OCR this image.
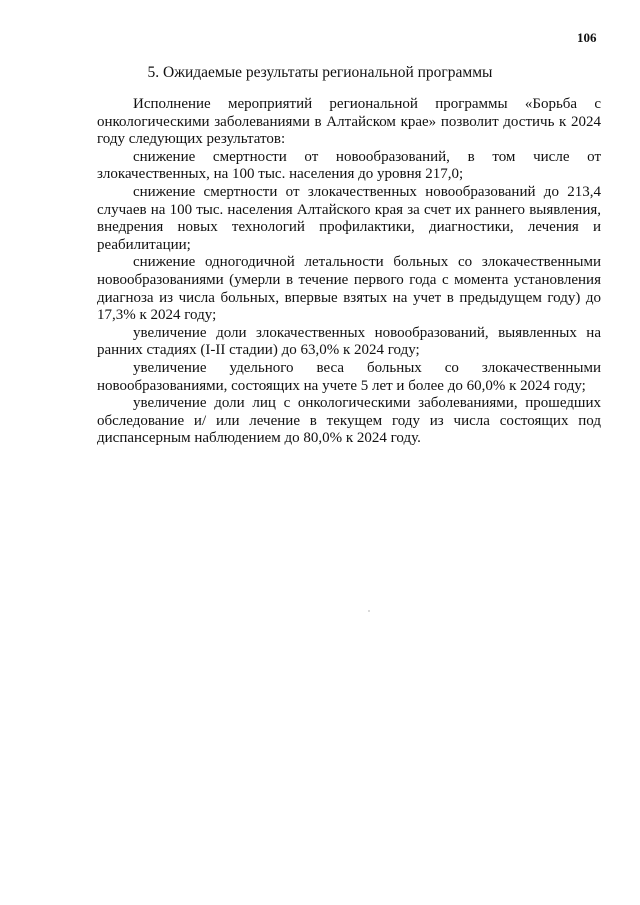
106

5. Ожидаемые результаты региональной программы

Исполнение мероприятий региональной программы «Борьба с онкологическими заболеваниями в Алтайском крае» позволит достичь к 2024 году следующих результатов:

снижение смертности от новообразований, в том числе от злокачественных, на 100 тыс. населения до уровня 217,0;

снижение смертности от злокачественных новообразований до 213,4 случаев на 100 тыс. населения Алтайского края за счет их раннего выявления, внедрения новых технологий профилактики, диагностики, лечения и реабилитации;

снижение одногодичной летальности больных со злокачественными новообразованиями (умерли в течение первого года с момента установления диагноза из числа больных, впервые взятых на учет в предыдущем году) до 17,3% к 2024 году;

увеличение доли злокачественных новообразований, выявленных на ранних стадиях (I-II стадии) до 63,0% к 2024 году;

увеличение удельного веса больных со злокачественными новообразованиями, состоящих на учете 5 лет и более до 60,0% к 2024 году;

увеличение доли лиц с онкологическими заболеваниями, прошедших обследование и/ или лечение в текущем году из числа состоящих под диспансерным наблюдением до 80,0% к 2024 году.
